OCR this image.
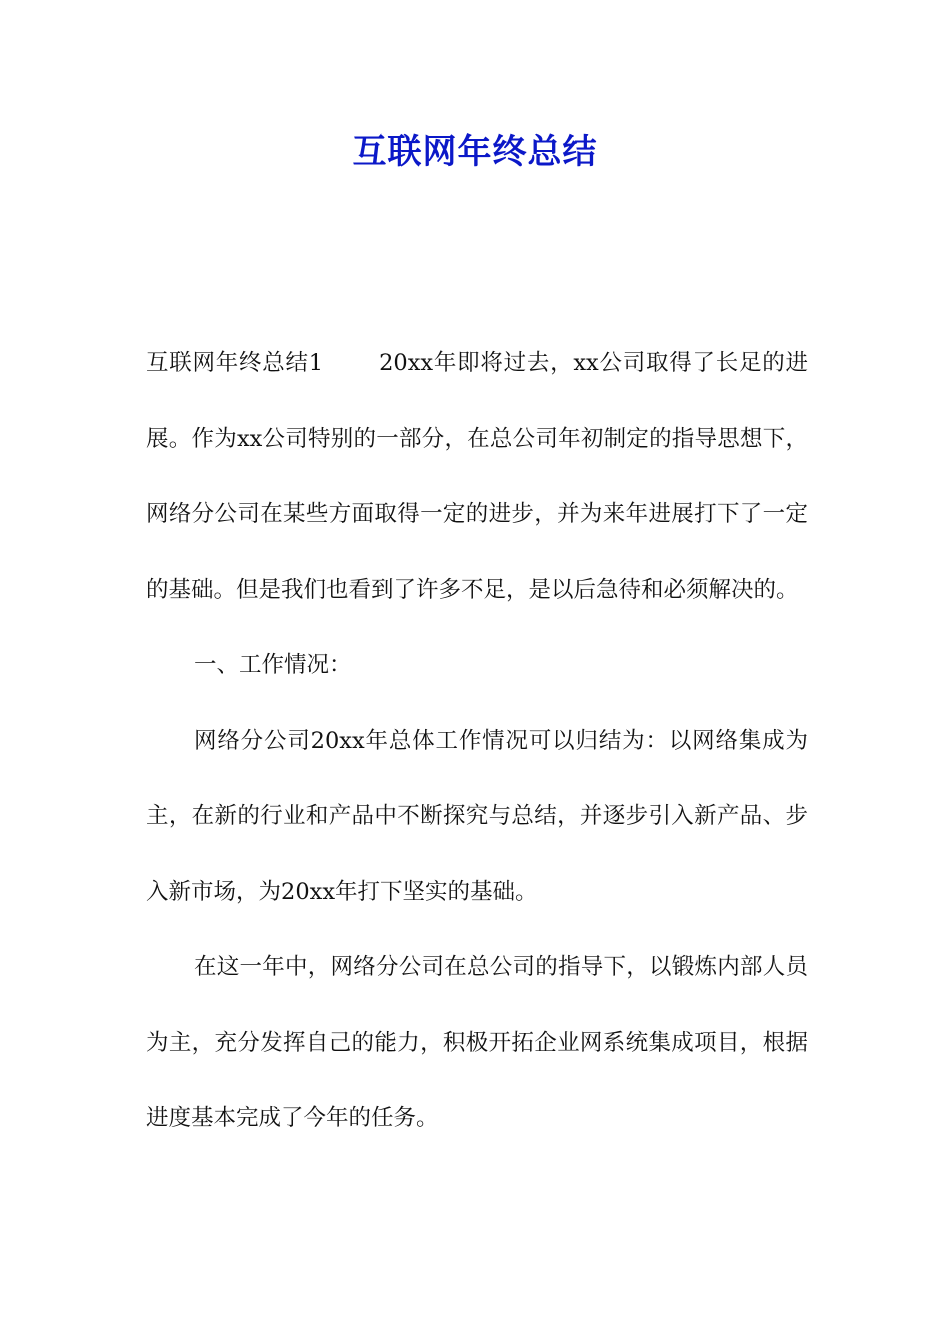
互联网年终总结

互联网年终总结1 20xx年即将过去，xx公司取得了长足的进展。作为xx公司特别的一部分，在总公司年初制定的指导思想下，网络分公司在某些方面取得一定的进步，并为来年进展打下了一定的基础。但是我们也看到了许多不足，是以后急待和必须解决的。

一、工作情况：

网络分公司20xx年总体工作情况可以归结为：以网络集成为主，在新的行业和产品中不断探究与总结，并逐步引入新产品、步入新市场，为20xx年打下坚实的基础。

在这一年中，网络分公司在总公司的指导下，以锻炼内部人员为主，充分发挥自己的能力，积极开拓企业网系统集成项目，根据进度基本完成了今年的任务。
